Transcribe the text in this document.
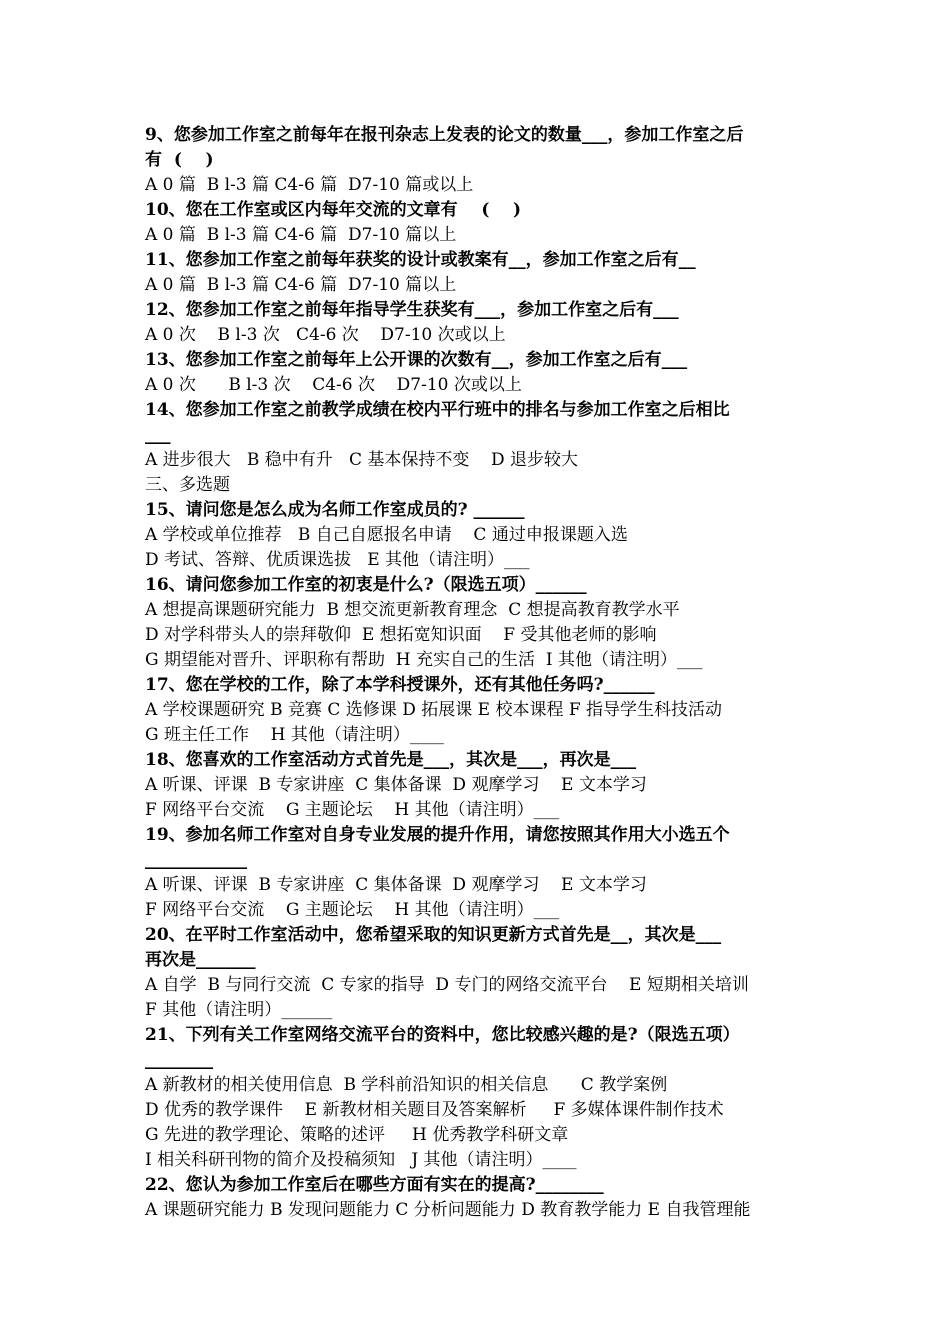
9、您参加工作室之前每年在报刊杂志上发表的论文的数量___，参加工作室之后
有  (    )
A 0 篇  B l-3 篇 C4-6 篇  D7-10 篇或以上
10、您在工作室或区内每年交流的文章有    (    )
A 0 篇  B l-3 篇 C4-6 篇  D7-10 篇以上
11、您参加工作室之前每年获奖的设计或教案有__，参加工作室之后有__
A 0 篇  B l-3 篇 C4-6 篇  D7-10 篇以上
12、您参加工作室之前每年指导学生获奖有___，参加工作室之后有___
A 0 次    B l-3 次   C4-6 次    D7-10 次或以上
13、您参加工作室之前每年上公开课的次数有__，参加工作室之后有___
A 0 次      B l-3 次    C4-6 次    D7-10 次或以上
14、您参加工作室之前教学成绩在校内平行班中的排名与参加工作室之后相比
___
A 进步很大   B 稳中有升   C 基本保持不变    D 退步较大
三、多选题
15、请问您是怎么成为名师工作室成员的? ______
A 学校或单位推荐   B 自己自愿报名申请    C 通过申报课题入选
D 考试、答辩、优质课选拔   E 其他（请注明）___
16、请问您参加工作室的初衷是什么?（限选五项）______
A 想提高课题研究能力  B 想交流更新教育理念  C 想提高教育教学水平
D 对学科带头人的崇拜敬仰  E 想拓宽知识面    F 受其他老师的影响
G 期望能对晋升、评职称有帮助  H 充实自己的生活  I 其他（请注明）___
17、您在学校的工作，除了本学科授课外，还有其他任务吗?______
A 学校课题研究 B 竞赛 C 选修课 D 拓展课 E 校本课程 F 指导学生科技活动
G 班主任工作    H 其他（请注明）____
18、您喜欢的工作室活动方式首先是___，其次是___，再次是___
A 听课、评课  B 专家讲座  C 集体备课  D 观摩学习    E 文本学习
F 网络平台交流    G 主题论坛    H 其他（请注明）___
19、参加名师工作室对自身专业发展的提升作用，请您按照其作用大小选五个
____________
A 听课、评课  B 专家讲座  C 集体备课  D 观摩学习    E 文本学习
F 网络平台交流    G 主题论坛    H 其他（请注明）___
20、在平时工作室活动中，您希望采取的知识更新方式首先是__，其次是___
再次是_______
A 自学  B 与同行交流  C 专家的指导  D 专门的网络交流平台    E 短期相关培训
F 其他（请注明）______
21、下列有关工作室网络交流平台的资料中，您比较感兴趣的是?（限选五项）
________
A 新教材的相关使用信息  B 学科前沿知识的相关信息      C 教学案例
D 优秀的教学课件    E 新教材相关题目及答案解析     F 多媒体课件制作技术
G 先进的教学理论、策略的述评     H 优秀教学科研文章
I 相关科研刊物的简介及投稿须知   J 其他（请注明）____
22、您认为参加工作室后在哪些方面有实在的提高?________
A 课题研究能力 B 发现问题能力 C 分析问题能力 D 教育教学能力 E 自我管理能
